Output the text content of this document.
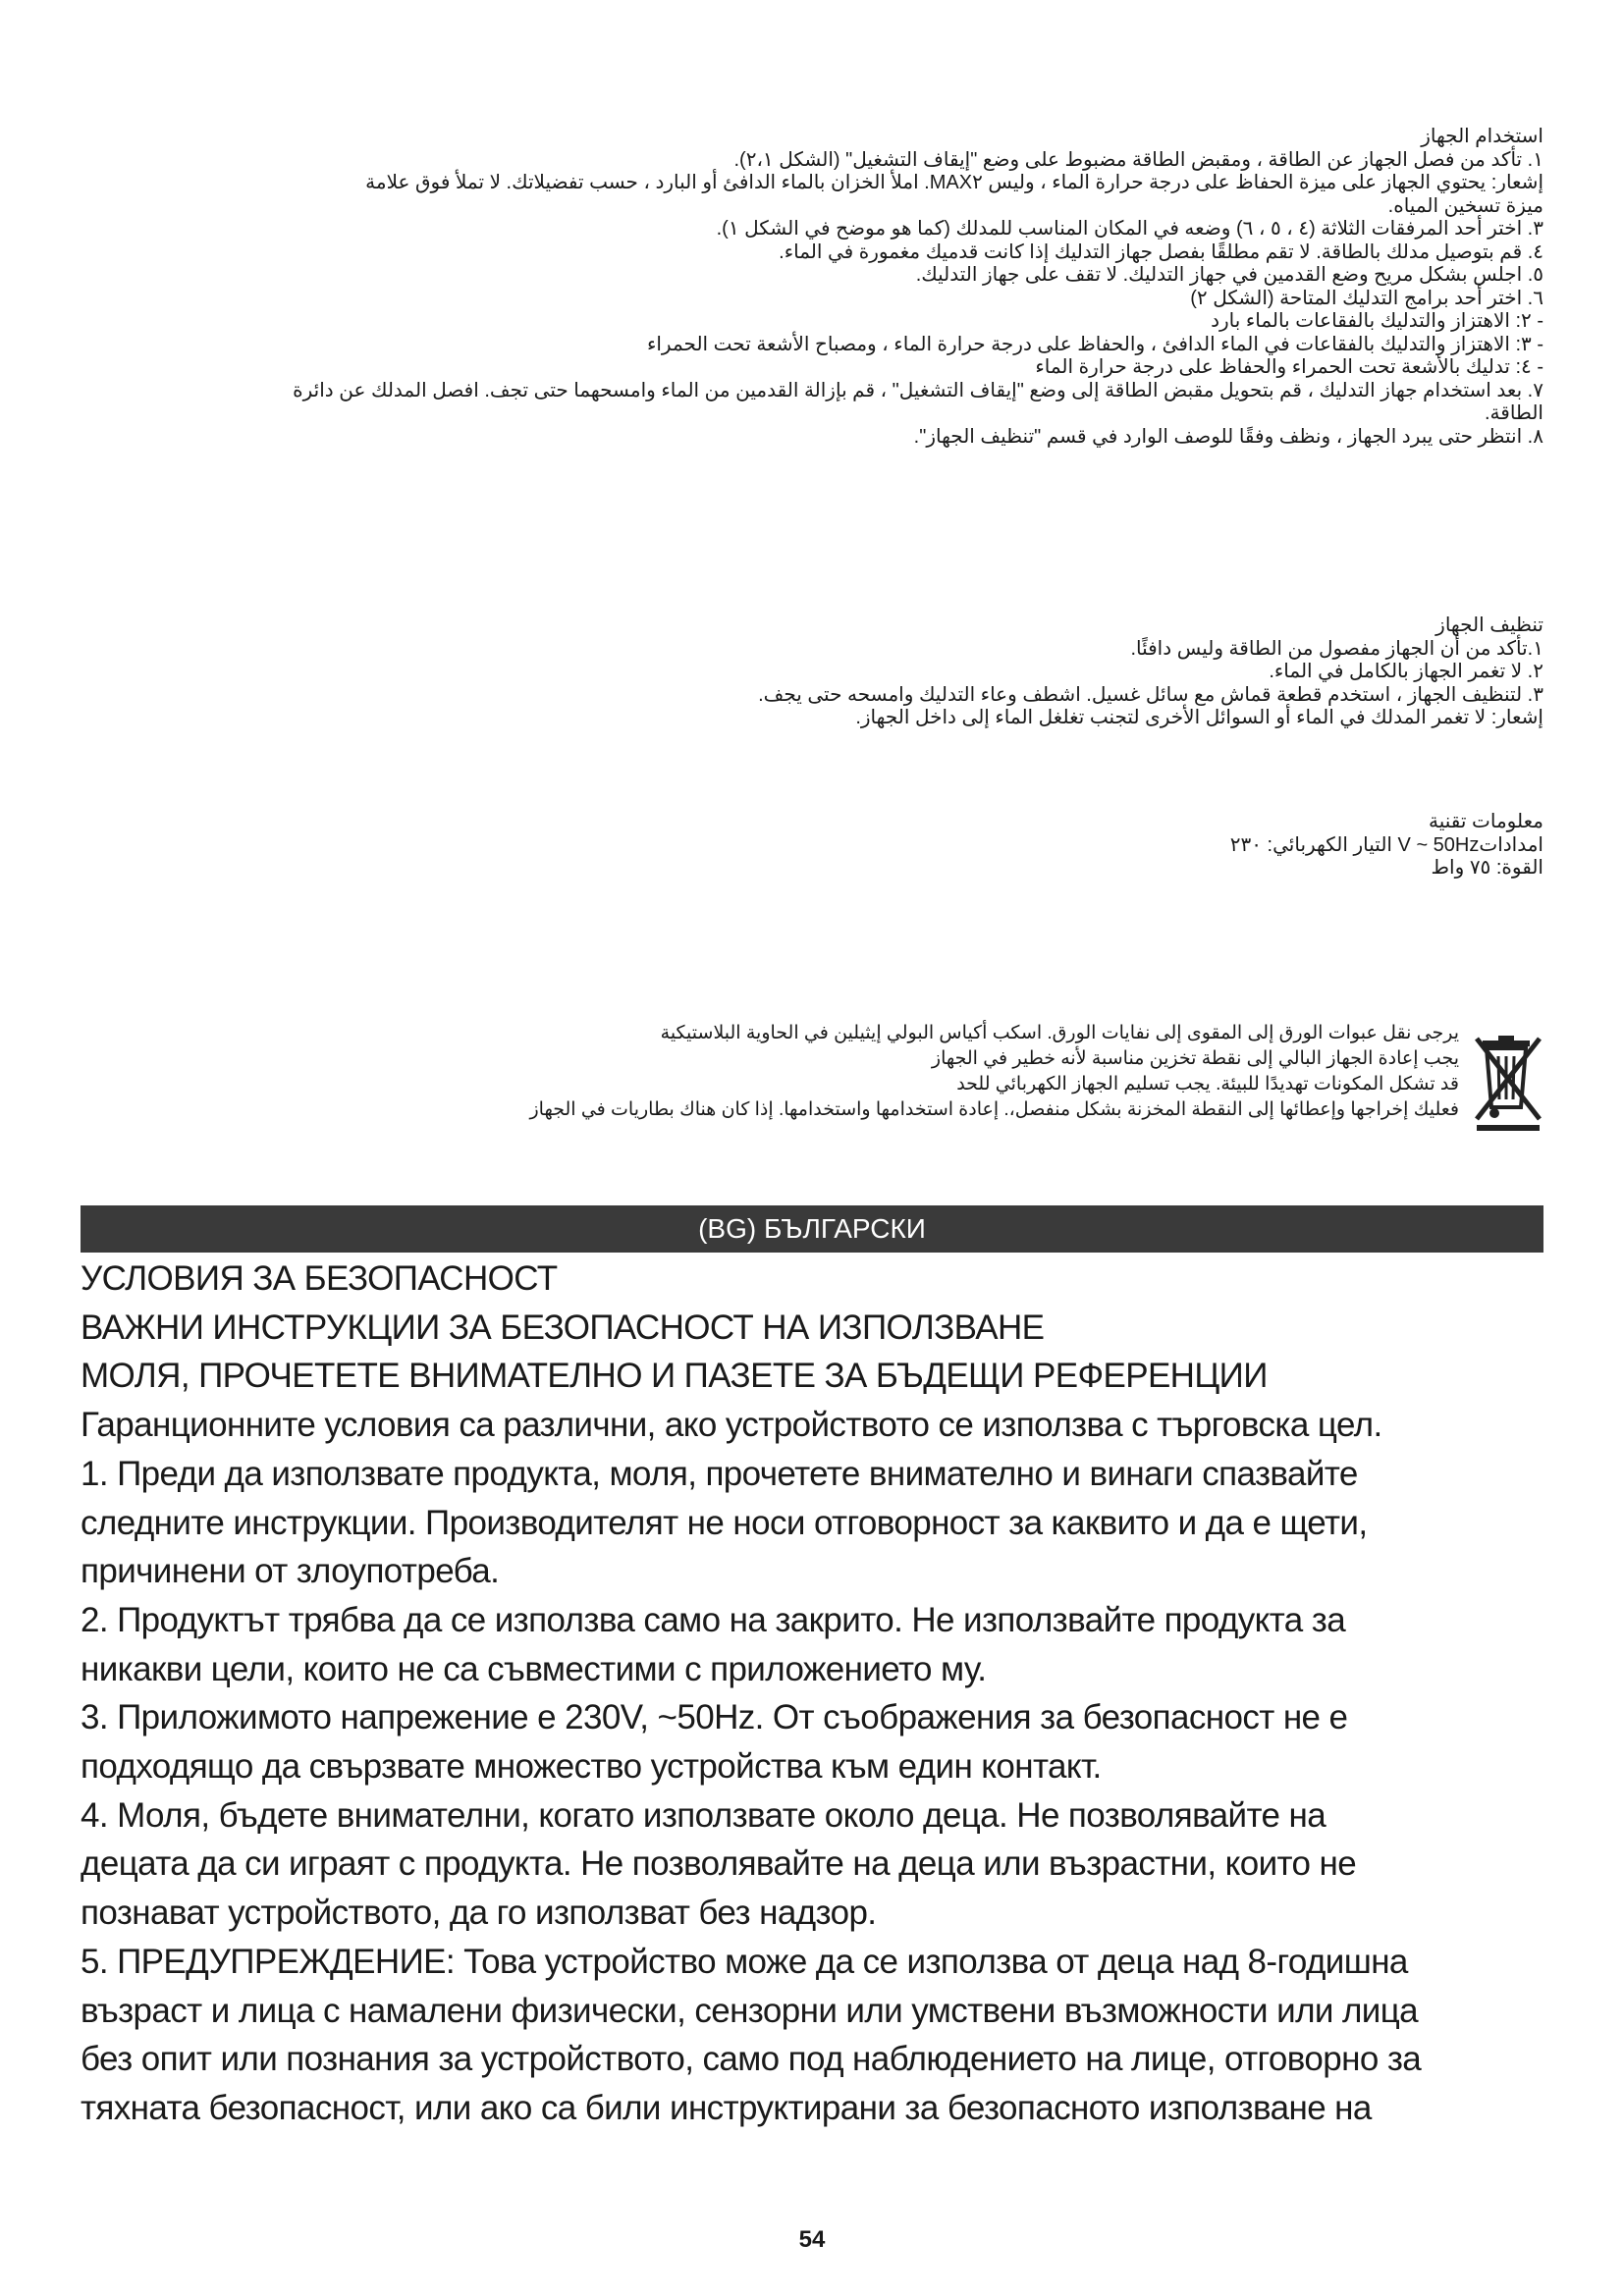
استخدام الجهاز

١. تأكد من فصل الجهاز عن الطاقة ، ومقبض الطاقة مضبوط على وضع "إيقاف التشغيل" (الشكل ٢،١).

إشعار: يحتوي الجهاز على ميزة الحفاظ على درجة حرارة الماء ، وليس MAX٢. املأ الخزان بالماء الدافئ أو البارد ، حسب تفضيلاتك. لا تملأ فوق علامة

ميزة تسخين المياه.

٣. اختر أحد المرفقات الثلاثة (٤ ، ٥ ، ٦) وضعه في المكان المناسب للمدلك (كما هو موضح في الشكل ١).

٤. قم بتوصيل مدلك بالطاقة. لا تقم مطلقًا بفصل جهاز التدليك إذا كانت قدميك مغمورة في الماء.

٥. اجلس بشكل مريح وضع القدمين في جهاز التدليك. لا تقف على جهاز التدليك.

٦. اختر أحد برامج التدليك المتاحة (الشكل ٢)

- ٢: الاهتزاز والتدليك بالفقاعات بالماء بارد

- ٣: الاهتزاز والتدليك بالفقاعات في الماء الدافئ ، والحفاظ على درجة حرارة الماء ، ومصباح الأشعة تحت الحمراء

- ٤: تدليك بالأشعة تحت الحمراء والحفاظ على درجة حرارة الماء

٧. بعد استخدام جهاز التدليك ، قم بتحويل مقبض الطاقة إلى وضع "إيقاف التشغيل" ، قم بإزالة القدمين من الماء وامسحهما حتى تجف. افصل المدلك عن دائرة

الطاقة.

٨. انتظر حتى يبرد الجهاز ، ونظف وفقًا للوصف الوارد في قسم "تنظيف الجهاز".

تنظيف الجهاز

١.تأكد من أن الجهاز مفصول من الطاقة وليس دافئًا.

٢. لا تغمر الجهاز بالكامل في الماء.

٣. لتنظيف الجهاز ، استخدم قطعة قماش مع سائل غسيل. اشطف وعاء التدليك وامسحه حتى يجف.

إشعار: لا تغمر المدلك في الماء أو السوائل الأخرى لتجنب تغلغل الماء إلى داخل الجهاز.

معلومات تقنية

امداداتV ~ 50Hz التيار الكهربائي: ٢٣٠

القوة: ٧٥ واط

يرجى نقل عبوات الورق إلى المقوى إلى نفايات الورق. اسكب أكياس البولي إيثيلين في الحاوية البلاستيكية

يجب إعادة الجهاز البالي إلى نقطة تخزين مناسبة لأنه خطير في الجهاز

قد تشكل المكونات تهديدًا للبيئة. يجب تسليم الجهاز الكهربائي للحد

فعليك إخراجها وإعطائها إلى النقطة المخزنة بشكل منفصل،. إعادة استخدامها واستخدامها. إذا كان هناك بطاريات في الجهاز

(BG) БЪЛГАРСКИ

УСЛОВИЯ ЗА БЕЗОПАСНОСТ

ВАЖНИ ИНСТРУКЦИИ ЗА БЕЗОПАСНОСТ НА ИЗПОЛЗВАНЕ

МОЛЯ, ПРОЧЕТЕТЕ ВНИМАТЕЛНО И ПАЗЕТЕ ЗА БЪДЕЩИ РЕФЕРЕНЦИИ

Гаранционните условия са различни, ако устройството се използва с търговска цел.

1. Преди да използвате продукта, моля, прочетете внимателно и винаги спазвайте

следните инструкции. Производителят не носи отговорност за каквито и да е щети,

причинени от злоупотреба.

2. Продуктът трябва да се използва само на закрито. Не използвайте продукта за

никакви цели, които не са съвместими с приложението му.

3. Приложимото напрежение е 230V, ~50Hz. От съображения за безопасност не е

подходящо да свързвате множество устройства към един контакт.

4. Моля, бъдете внимателни, когато използвате около деца. Не позволявайте на

децата да си играят с продукта. Не позволявайте на деца или възрастни, които не

познават устройството, да го използват без надзор.

5. ПРЕДУПРЕЖДЕНИЕ: Това устройство може да се използва от деца над 8-годишна

възраст и лица с намалени физически, сензорни или умствени възможности или лица

без опит или познания за устройството, само под наблюдението на лице, отговорно за

тяхната безопасност, или ако са били инструктирани за безопасното използване на

54
